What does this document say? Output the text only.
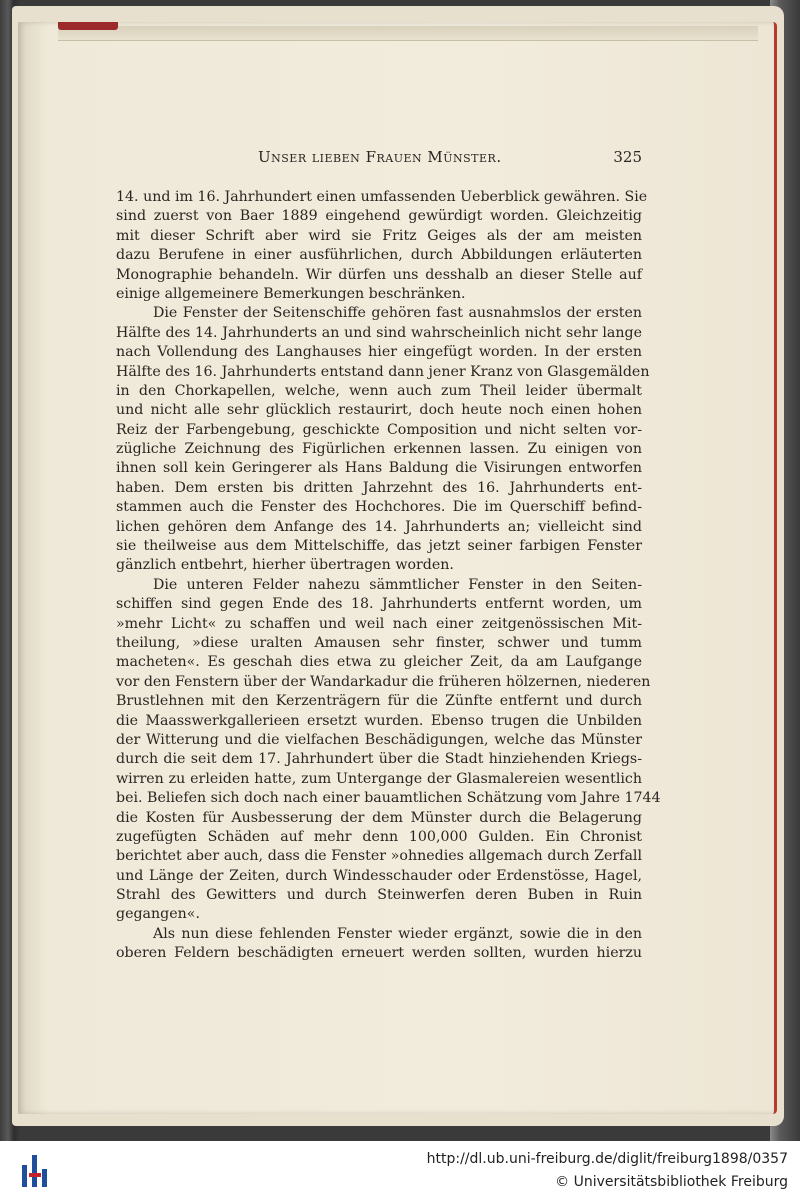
Unser lieben Frauen Münster.	325
14. und im 16. Jahrhundert einen umfassenden Ueberblick gewähren. Sie
sind zuerst von Baer 1889 eingehend gewürdigt worden. Gleichzeitig
mit dieser Schrift aber wird sie Fritz Geiges als der am meisten
dazu Berufene in einer ausführlichen, durch Abbildungen erläuterten
Monographie behandeln. Wir dürfen uns desshalb an dieser Stelle auf
einige allgemeinere Bemerkungen beschränken.
Die Fenster der Seitenschiffe gehören fast ausnahmslos der ersten
Hälfte des 14. Jahrhunderts an und sind wahrscheinlich nicht sehr lange
nach Vollendung des Langhauses hier eingefügt worden. In der ersten
Hälfte des 16. Jahrhunderts entstand dann jener Kranz von Glasgemälden
in den Chorkapellen, welche, wenn auch zum Theil leider übermalt
und nicht alle sehr glücklich restaurirt, doch heute noch einen hohen
Reiz der Farbengebung, geschickte Composition und nicht selten vor-
zügliche Zeichnung des Figürlichen erkennen lassen. Zu einigen von
ihnen soll kein Geringerer als Hans Baldung die Visirungen entworfen
haben. Dem ersten bis dritten Jahrzehnt des 16. Jahrhunderts ent-
stammen auch die Fenster des Hochchores. Die im Querschiff befind-
lichen gehören dem Anfange des 14. Jahrhunderts an; vielleicht sind
sie theilweise aus dem Mittelschiffe, das jetzt seiner farbigen Fenster
gänzlich entbehrt, hierher übertragen worden.
Die unteren Felder nahezu sämmtlicher Fenster in den Seiten-
schiffen sind gegen Ende des 18. Jahrhunderts entfernt worden, um
»mehr Licht« zu schaffen und weil nach einer zeitgenössischen Mit-
theilung, »diese uralten Amausen sehr finster, schwer und tumm
macheten«. Es geschah dies etwa zu gleicher Zeit, da am Laufgange
vor den Fenstern über der Wandarkadur die früheren hölzernen, niederen
Brustlehnen mit den Kerzenträgern für die Zünfte entfernt und durch
die Maasswerkgallerieen ersetzt wurden. Ebenso trugen die Unbilden
der Witterung und die vielfachen Beschädigungen, welche das Münster
durch die seit dem 17. Jahrhundert über die Stadt hinziehenden Kriegs-
wirren zu erleiden hatte, zum Untergange der Glasmalereien wesentlich
bei. Beliefen sich doch nach einer bauamtlichen Schätzung vom Jahre 1744
die Kosten für Ausbesserung der dem Münster durch die Belagerung
zugefügten Schäden auf mehr denn 100,000 Gulden. Ein Chronist
berichtet aber auch, dass die Fenster »ohnedies allgemach durch Zerfall
und Länge der Zeiten, durch Windesschauder oder Erdenstösse, Hagel,
Strahl des Gewitters und durch Steinwerfen deren Buben in Ruin
gegangen«.
Als nun diese fehlenden Fenster wieder ergänzt, sowie die in den
oberen Feldern beschädigten erneuert werden sollten, wurden hierzu
http://dl.ub.uni-freiburg.de/diglit/freiburg1898/0357
© Universitätsbibliothek Freiburg
